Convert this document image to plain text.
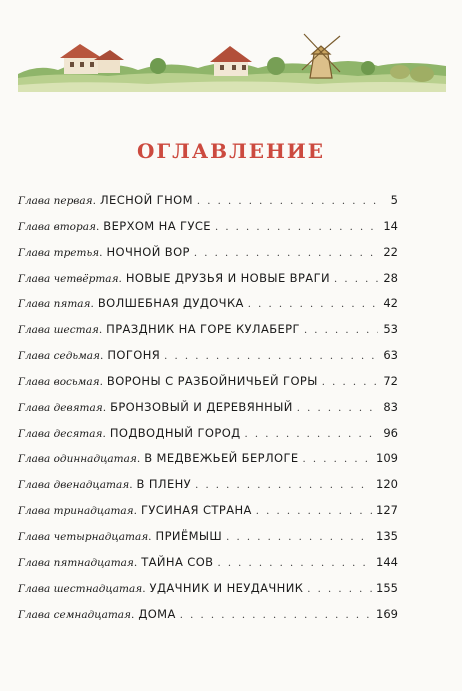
ОГЛАВЛЕНИЕ
Глава первая . ЛЕСНОЙ ГНОМ . . .	5
Глава вторая . ВЕРХОМ НА ГУСЕ . . .	14
Глава третья . НОЧНОЙ ВОР . . .	22
Глава четвёртая . НОВЫЕ ДРУЗЬЯ И НОВЫЕ ВРАГИ . . .	28
Глава пятая . ВОЛШЕБНАЯ ДУДОЧКА . . .	42
Глава шестая . ПРАЗДНИК НА ГОРЕ КУЛАБЕРГ . . .	53
Глава седьмая . ПОГОНЯ . . .	63
Глава восьмая . ВОРОНЫ С РАЗБОЙНИЧЬЕЙ ГОРЫ . . .	72
Глава девятая . БРОНЗОВЫЙ И ДЕРЕВЯННЫЙ . . .	83
Глава десятая . ПОДВОДНЫЙ ГОРОД . . .	96
Глава одиннадцатая . В МЕДВЕЖЬЕЙ БЕРЛОГЕ . . .	109
Глава двенадцатая . В ПЛЕНУ . . .	120
Глава тринадцатая . ГУСИНАЯ СТРАНА . . .	127
Глава четырнадцатая . ПРИЁМЫШ . . .	135
Глава пятнадцатая . ТАЙНА СОВ . . .	144
Глава шестнадцатая . УДАЧНИК И НЕУДАЧНИК . . .	155
Глава семнадцатая . ДОМА . . .	169
